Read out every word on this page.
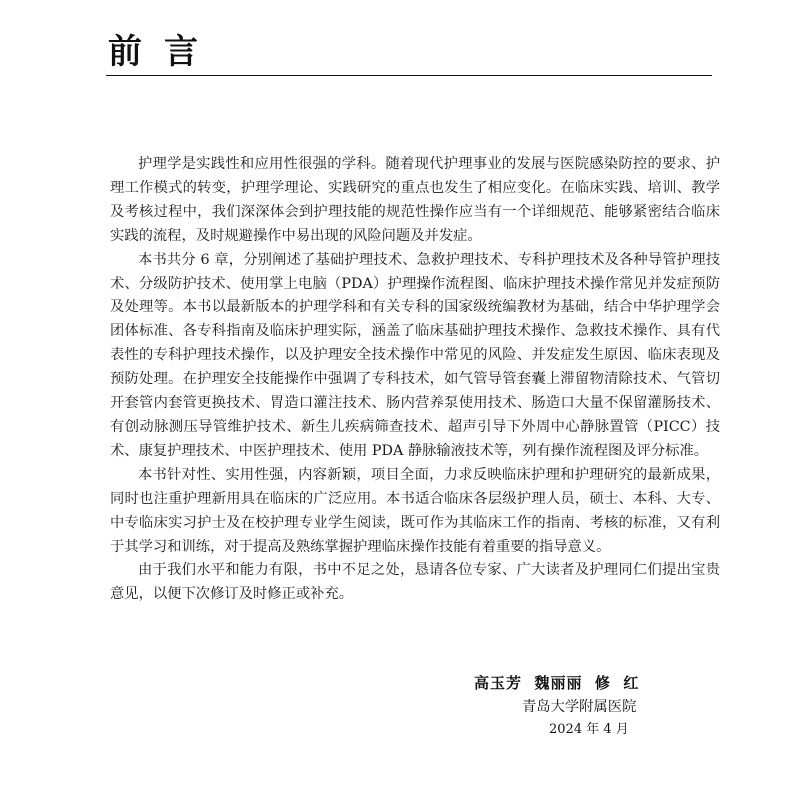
前言

护理学是实践性和应用性很强的学科。随着现代护理事业的发展与医院感染防控的要求、护理工作模式的转变，护理学理论、实践研究的重点也发生了相应变化。在临床实践、培训、教学及考核过程中，我们深深体会到护理技能的规范性操作应当有一个详细规范、能够紧密结合临床实践的流程，及时规避操作中易出现的风险问题及并发症。

本书共分 6 章，分别阐述了基础护理技术、急救护理技术、专科护理技术及各种导管护理技术、分级防护技术、使用掌上电脑（PDA）护理操作流程图、临床护理技术操作常见并发症预防及处理等。本书以最新版本的护理学科和有关专科的国家级统编教材为基础，结合中华护理学会团体标准、各专科指南及临床护理实际，涵盖了临床基础护理技术操作、急救技术操作、具有代表性的专科护理技术操作，以及护理安全技术操作中常见的风险、并发症发生原因、临床表现及预防处理。在护理安全技能操作中强调了专科技术，如气管导管套囊上滞留物清除技术、气管切开套管内套管更换技术、胃造口灌注技术、肠内营养泵使用技术、肠造口大量不保留灌肠技术、有创动脉测压导管维护技术、新生儿疾病筛查技术、超声引导下外周中心静脉置管（PICC）技术、康复护理技术、中医护理技术、使用 PDA 静脉输液技术等，列有操作流程图及评分标准。

本书针对性、实用性强，内容新颖，项目全面，力求反映临床护理和护理研究的最新成果，同时也注重护理新用具在临床的广泛应用。本书适合临床各层级护理人员，硕士、本科、大专、中专临床实习护士及在校护理专业学生阅读，既可作为其临床工作的指南、考核的标准，又有利于其学习和训练，对于提高及熟练掌握护理临床操作技能有着重要的指导意义。

由于我们水平和能力有限，书中不足之处，恳请各位专家、广大读者及护理同仁们提出宝贵意见，以便下次修订及时修正或补充。

高玉芳  魏丽丽  修  红
青岛大学附属医院
2024 年 4 月
